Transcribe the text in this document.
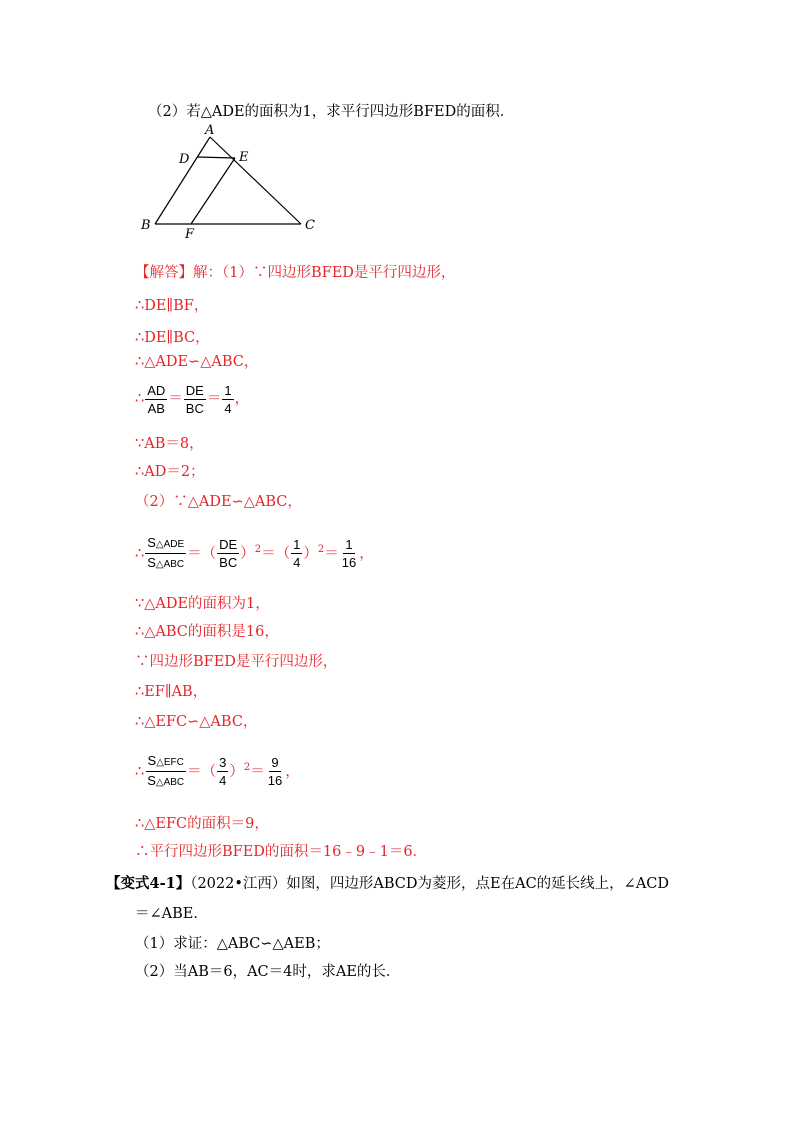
（2）若△ADE的面积为1，求平行四边形BFED的面积．
A
D	E
B
F
C
【解答】解：（1）∵四边形BFED是平行四边形，
∴DE∥BF，
∴DE∥BC，
∴△ADE∽△ABC，
∴ $\frac{AD}{AB} = \frac{DE}{BC} = \frac{1}{4}$ ，
∵AB＝8，
∴AD＝2；
（2）∵△ADE∽△ABC，
∴ $\frac{\text{S△ADE}}{\text{S△ABC}}$ ＝（ $\frac{DE}{BC} )^2=( \frac{1}{4} )^2= \frac{1}{16}$ ，
∵△ADE的面积为1，
∴△ABC的面积是16，
∵四边形BFED是平行四边形，
∴EF∥AB，
∴△EFC∽△ABC，
∴ $\frac{\text{S△EFC}}{\text{S△ABC}}$ ＝（ $\frac{3}{4} )^2= \frac{9}{16}$ ，
∴△EFC的面积＝9，
∴平行四边形BFED的面积＝16﹣9﹣1＝6．
【变式4-1】（2022•江西）如图，四边形ABCD为菱形，点E在AC的延长线上，∠ACD
＝∠ABE．
（1）求证：△ABC∽△AEB；
（2）当AB＝6，AC＝4时，求AE的长．
